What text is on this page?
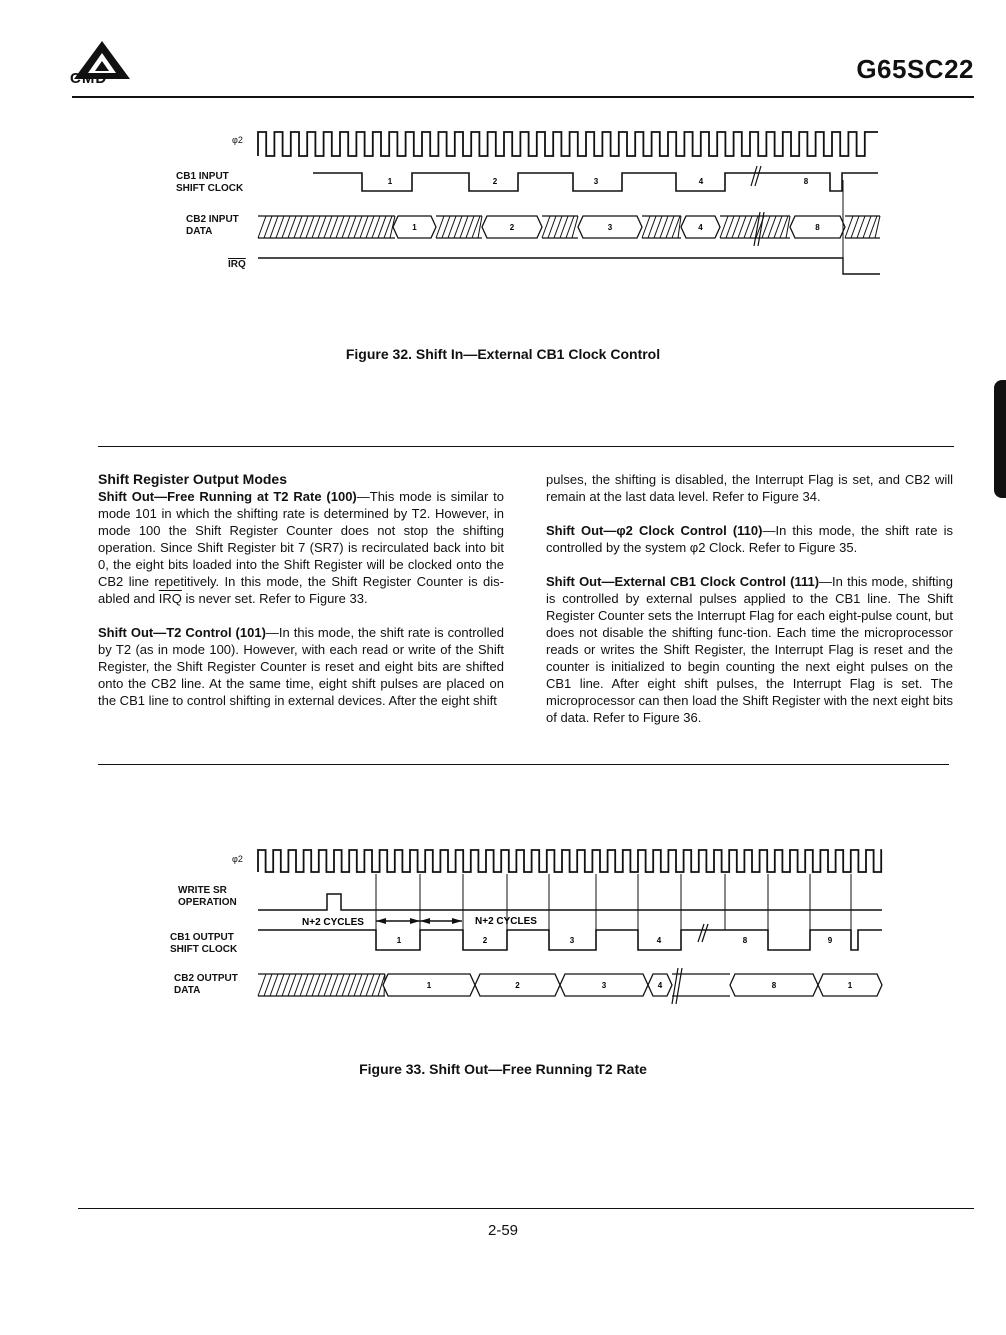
CMD	G65SC22
φ2
CB1 INPUT
SHIFT CLOCK
CB2 INPUT
DATA
$\overline{IRQ}$
1	2	3	4	8
1	2	3	4	8
Figure 32. Shift In—External CB1 Clock Control
Shift Register Output Modes

Shift Out—Free Running at T2 Rate (100)—This mode is similar to mode 101 in which the shifting rate is determined by T2. However, in mode 100 the Shift Register Counter does not stop the shifting operation. Since Shift Register bit 7 (SR7) is recirculated back into bit 0, the eight bits loaded into the Shift Register will be clocked onto the CB2 line repetitively. In this mode, the Shift Register Counter is dis-abled and $\overline{IRQ}$ is never set. Refer to Figure 33.

Shift Out—T2 Control (101)—In this mode, the shift rate is controlled by T2 (as in mode 100). However, with each read or write of the Shift Register, the Shift Register Counter is reset and eight bits are shifted onto the CB2 line. At the same time, eight shift pulses are placed on the CB1 line to control shifting in external devices. After the eight shift

pulses, the shifting is disabled, the Interrupt Flag is set, and CB2 will remain at the last data level. Refer to Figure 34.

Shift Out—φ2 Clock Control (110)—In this mode, the shift rate is controlled by the system φ2 Clock. Refer to Figure 35.

Shift Out—External CB1 Clock Control (111)—In this mode, shifting is controlled by external pulses applied to the CB1 line. The Shift Register Counter sets the Interrupt Flag for each eight-pulse count, but does not disable the shifting func-tion. Each time the microprocessor reads or writes the Shift Register, the Interrupt Flag is reset and the counter is initialized to begin counting the next eight pulses on the CB1 line. After eight shift pulses, the Interrupt Flag is set. The microprocessor can then load the Shift Register with the next eight bits of data. Refer to Figure 36.

φ2
WRITE SR
OPERATION
CB1 OUTPUT
SHIFT CLOCK
CB2 OUTPUT
DATA
N+2 CYCLES	N+2 CYCLES
1	2	3	4	8	9
1	2	3	4	8	1
Figure 33. Shift Out—Free Running T2 Rate
2-59
